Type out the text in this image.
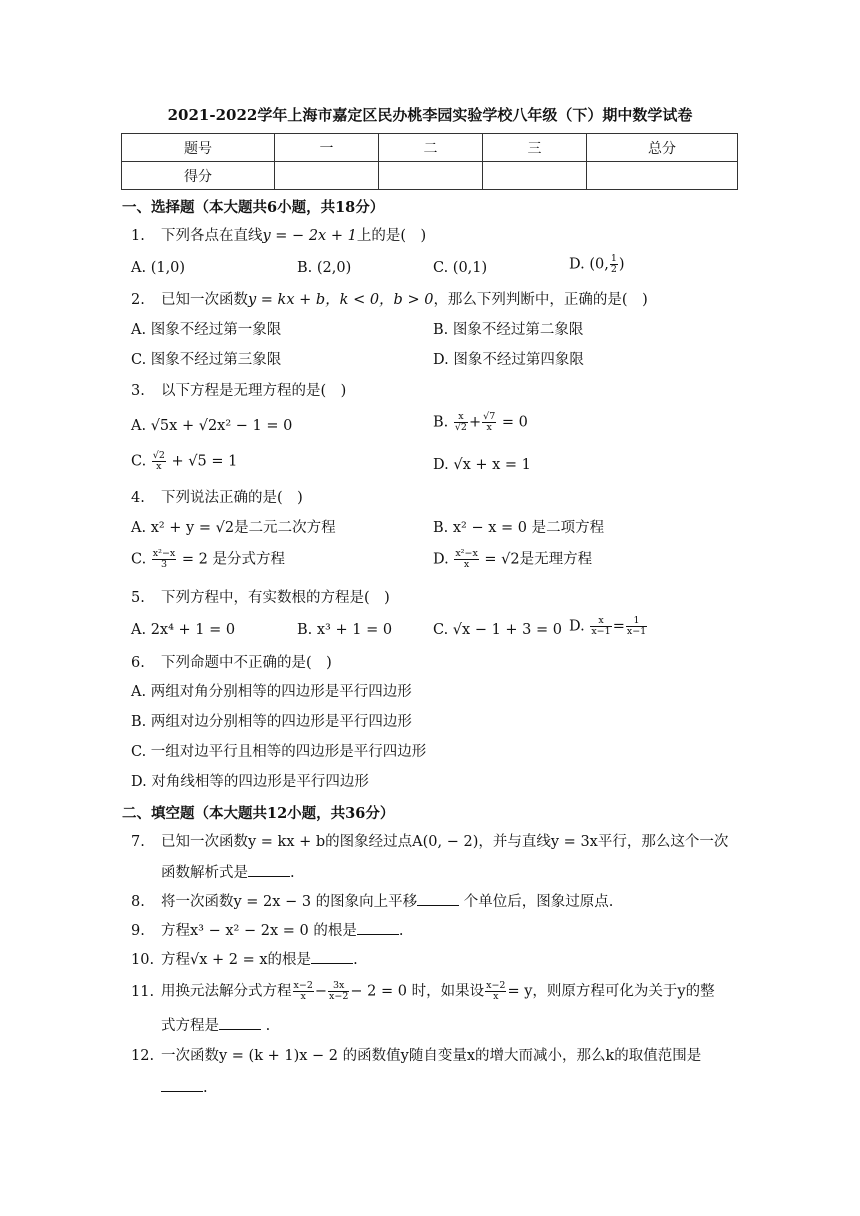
2021-2022学年上海市嘉定区民办桃李园实验学校八年级（下）期中数学试卷
题号	一	二	三	总分
得分				
一、选择题（本大题共6小题，共18分）
1. 下列各点在直线y = − 2x + 1上的是(　)
A. (1,0)	B. (2,0)	C. (0,1)	D. (0, $\frac{1}{2}$ )
2. 已知一次函数y = kx + b，k < 0，b > 0，那么下列判断中，正确的是(　)
A. 图象不经过第一象限	B. 图象不经过第二象限
C. 图象不经过第三象限	D. 图象不经过第四象限
3. 以下方程是无理方程的是(　)
A. √5x + √2x² − 1 = 0	B. $\frac{x}{√2} + \frac{√7}{x} = 0$
C. $\frac{√2}{x} + √5 = 1$	D. √x + x = 1
4. 下列说法正确的是(　)
A. x² + y = √2是二元二次方程	B. x² − x = 0 是二项方程
C. $\frac{\text{x²−x}}{3} = 2$ 是分式方程	D. $\frac{\text{x²−x}}{x} = √2$是无理方程
5. 下列方程中，有实数根的方程是(　)
A. 2x⁴ + 1 = 0	B. x³ + 1 = 0	C. √x − 1 + 3 = 0 D. $\frac{x}{x-1} = \frac{1}{x-1}$
6. 下列命题中不正确的是(　)
A. 两组对角分别相等的四边形是平行四边形
B. 两组对边分别相等的四边形是平行四边形
C. 一组对边平行且相等的四边形是平行四边形
D. 对角线相等的四边形是平行四边形
二、填空题（本大题共12小题，共36分）
7. 已知一次函数y = kx + b的图象经过点A(0, − 2)，并与直线y = 3x平行，那么这个一次
函数解析式是	.
8. 将一次函数y = 2x − 3 的图象向上平移	个单位后，图象过原点.
9. 方程x³ − x² − 2x = 0 的根是	.
10. 方程√x + 2 = x的根是	.
11. 用换元法解分式方程 $\frac{x-2}{x} - \frac{3x}{x-2} - 2 = 0$ 时，如果设 $\frac{x-2}{x} = y$，则原方程可化为关于y的整
式方程是	.
12. 一次函数y = (k + 1)x − 2 的函数值y随自变量x的增大而减小，那么k的取值范围是
.
